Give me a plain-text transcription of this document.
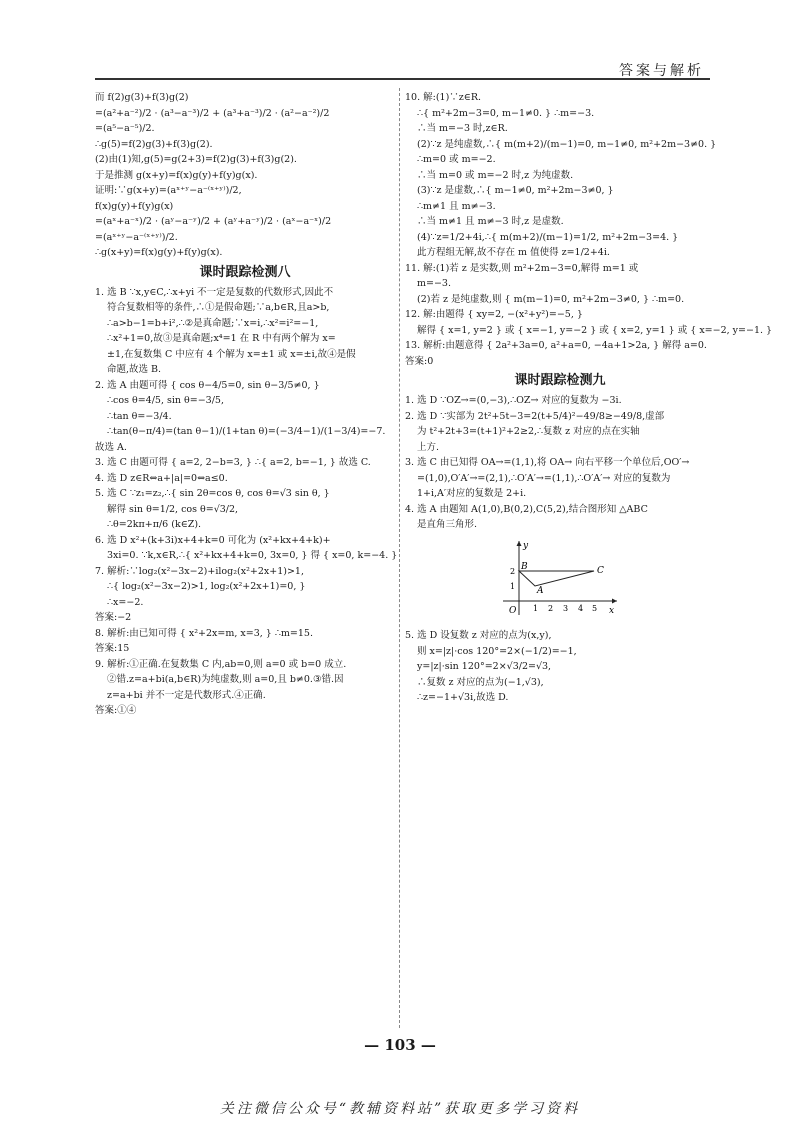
答案与解析
而 f(2)g(3)+f(3)g(2)
=(a²+a⁻²)/2 · (a³−a⁻³)/2 + (a³+a⁻³)/2 · (a²−a⁻²)/2
=(a⁵−a⁻⁵)/2.
∴g(5)=f(2)g(3)+f(3)g(2).
(2)由(1)知,g(5)=g(2+3)=f(2)g(3)+f(3)g(2).
于是推测 g(x+y)=f(x)g(y)+f(y)g(x).
证明:∵g(x+y)=(aˣ⁺ʸ−a⁻⁽ˣ⁺ʸ⁾)/2,
f(x)g(y)+f(y)g(x)
=(aˣ+a⁻ˣ)/2 · (aʸ−a⁻ʸ)/2 + (aʸ+a⁻ʸ)/2 · (aˣ−a⁻ˣ)/2
=(aˣ⁺ʸ−a⁻⁽ˣ⁺ʸ⁾)/2.
∴g(x+y)=f(x)g(y)+f(y)g(x).
课时跟踪检测八
1. 选 B ∵x,y∈C,∴x+yi 不一定是复数的代数形式,因此不
符合复数相等的条件,∴①是假命题;∵a,b∈R,且a>b,
∴a>b−1=b+i²,∴②是真命题;∵x=i,∴x²=i²=−1,
∴x²+1=0,故③是真命题;x⁴=1 在 R 中有两个解为 x=
±1,在复数集 C 中应有 4 个解为 x=±1 或 x=±i,故④是假
命题,故选 B.
2. 选 A 由题可得 { cos θ−4/5=0, sin θ−3/5≠0, }
∴cos θ=4/5, sin θ=−3/5,
∴tan θ=−3/4.
∴tan(θ−π/4)=(tan θ−1)/(1+tan θ)=(−3/4−1)/(1−3/4)=−7.
故选 A.
3. 选 C 由题可得 { a=2, 2−b=3, } ∴{ a=2, b=−1, } 故选 C.
4. 选 D z∈R⇔a+|a|=0⇔a≤0.
5. 选 C ∵z₁=z₂,∴{ sin 2θ=cos θ, cos θ=√3 sin θ, }
解得 sin θ=1/2, cos θ=√3/2,
∴θ=2kπ+π/6 (k∈Z).
6. 选 D x²+(k+3i)x+4+k=0 可化为 (x²+kx+4+k)+
3xi=0. ∵k,x∈R,∴{ x²+kx+4+k=0, 3x=0, } 得 { x=0, k=−4. }
7. 解析:∵log₂(x²−3x−2)+ilog₂(x²+2x+1)>1,
∴{ log₂(x²−3x−2)>1, log₂(x²+2x+1)=0, }
∴x=−2.
答案:−2
8. 解析:由已知可得 { x²+2x=m, x=3, } ∴m=15.
答案:15
9. 解析:①正确.在复数集 C 内,ab=0,则 a=0 或 b=0 成立.
②错.z=a+bi(a,b∈R)为纯虚数,则 a=0,且 b≠0.③错.因
z=a+bi 并不一定是代数形式.④正确.
答案:①④
10. 解:(1)∵z∈R.
∴{ m²+2m−3=0, m−1≠0. } ∴m=−3.
∴当 m=−3 时,z∈R.
(2)∵z 是纯虚数,∴{ m(m+2)/(m−1)=0, m−1≠0, m²+2m−3≠0. }
∴m=0 或 m=−2.
∴当 m=0 或 m=−2 时,z 为纯虚数.
(3)∵z 是虚数,∴{ m−1≠0, m²+2m−3≠0, }
∴m≠1 且 m≠−3.
∴当 m≠1 且 m≠−3 时,z 是虚数.
(4)∵z=1/2+4i,∴{ m(m+2)/(m−1)=1/2, m²+2m−3=4. }
此方程组无解,故不存在 m 值使得 z=1/2+4i.
11. 解:(1)若 z 是实数,则 m²+2m−3=0,解得 m=1 或
m=−3.
(2)若 z 是纯虚数,则 { m(m−1)=0, m²+2m−3≠0, } ∴m=0.
12. 解:由题得 { xy=2, −(x²+y²)=−5, }
解得 { x=1, y=2 } 或 { x=−1, y=−2 } 或 { x=2, y=1 } 或 { x=−2, y=−1. }
13. 解析:由题意得 { 2a²+3a=0, a²+a=0, −4a+1>2a, } 解得 a=0.
答案:0
课时跟踪检测九
1. 选 D ∵OZ→=(0,−3),∴OZ→ 对应的复数为 −3i.
2. 选 D ∵实部为 2t²+5t−3=2(t+5/4)²−49/8≥−49/8,虚部
为 t²+2t+3=(t+1)²+2≥2,∴复数 z 对应的点在实轴
上方.
3. 选 C 由已知得 OA→=(1,1),将 OA→ 向右平移一个单位后,OO′→
=(1,0),O′A′→=(2,1),∴O′A′→=(1,1),∴O′A′→ 对应的复数为
1+i,A′对应的复数是 2+i.
4. 选 A 由题知 A(1,0),B(0,2),C(5,2),结合图形知 △ABC
是直角三角形.
x
y
O
B
A
C
1 2 3 4 5
1
2
5. 选 D 设复数 z 对应的点为(x,y),
则 x=|z|·cos 120°=2×(−1/2)=−1,
y=|z|·sin 120°=2×√3/2=√3,
∴复数 z 对应的点为(−1,√3),
∴z=−1+√3i,故选 D.
— 103 —
关注微信公众号“教辅资料站”获取更多学习资料
